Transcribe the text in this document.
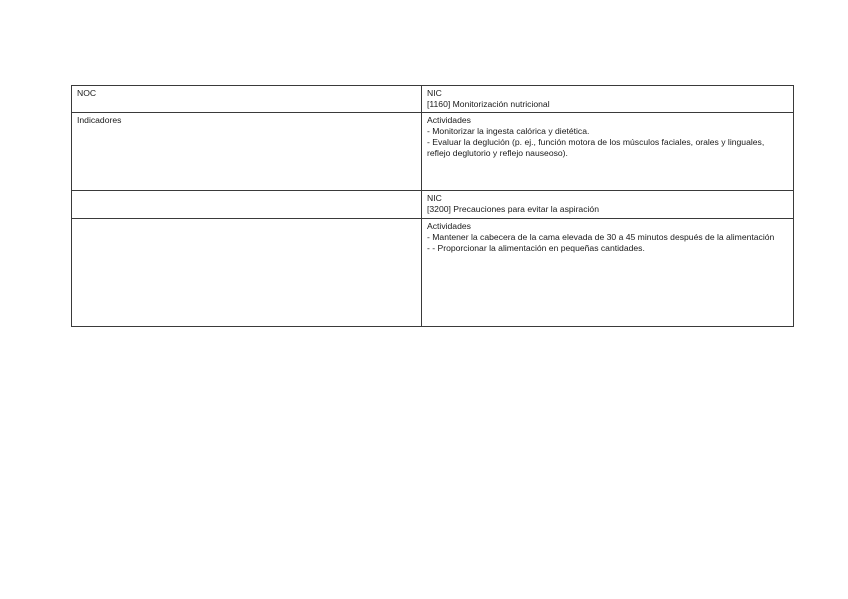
NOC	NIC
[1160] Monitorización nutricional

Indicadores	Actividades
- Monitorizar la ingesta calórica y dietética.
- Evaluar la deglución (p. ej., función motora de los músculos faciales, orales y linguales, reflejo deglutorio y reflejo nauseoso).

	NIC
[3200] Precauciones para evitar la aspiración

	Actividades
- Mantener la cabecera de la cama elevada de 30 a 45 minutos después de la alimentación
- - Proporcionar la alimentación en pequeñas cantidades.
